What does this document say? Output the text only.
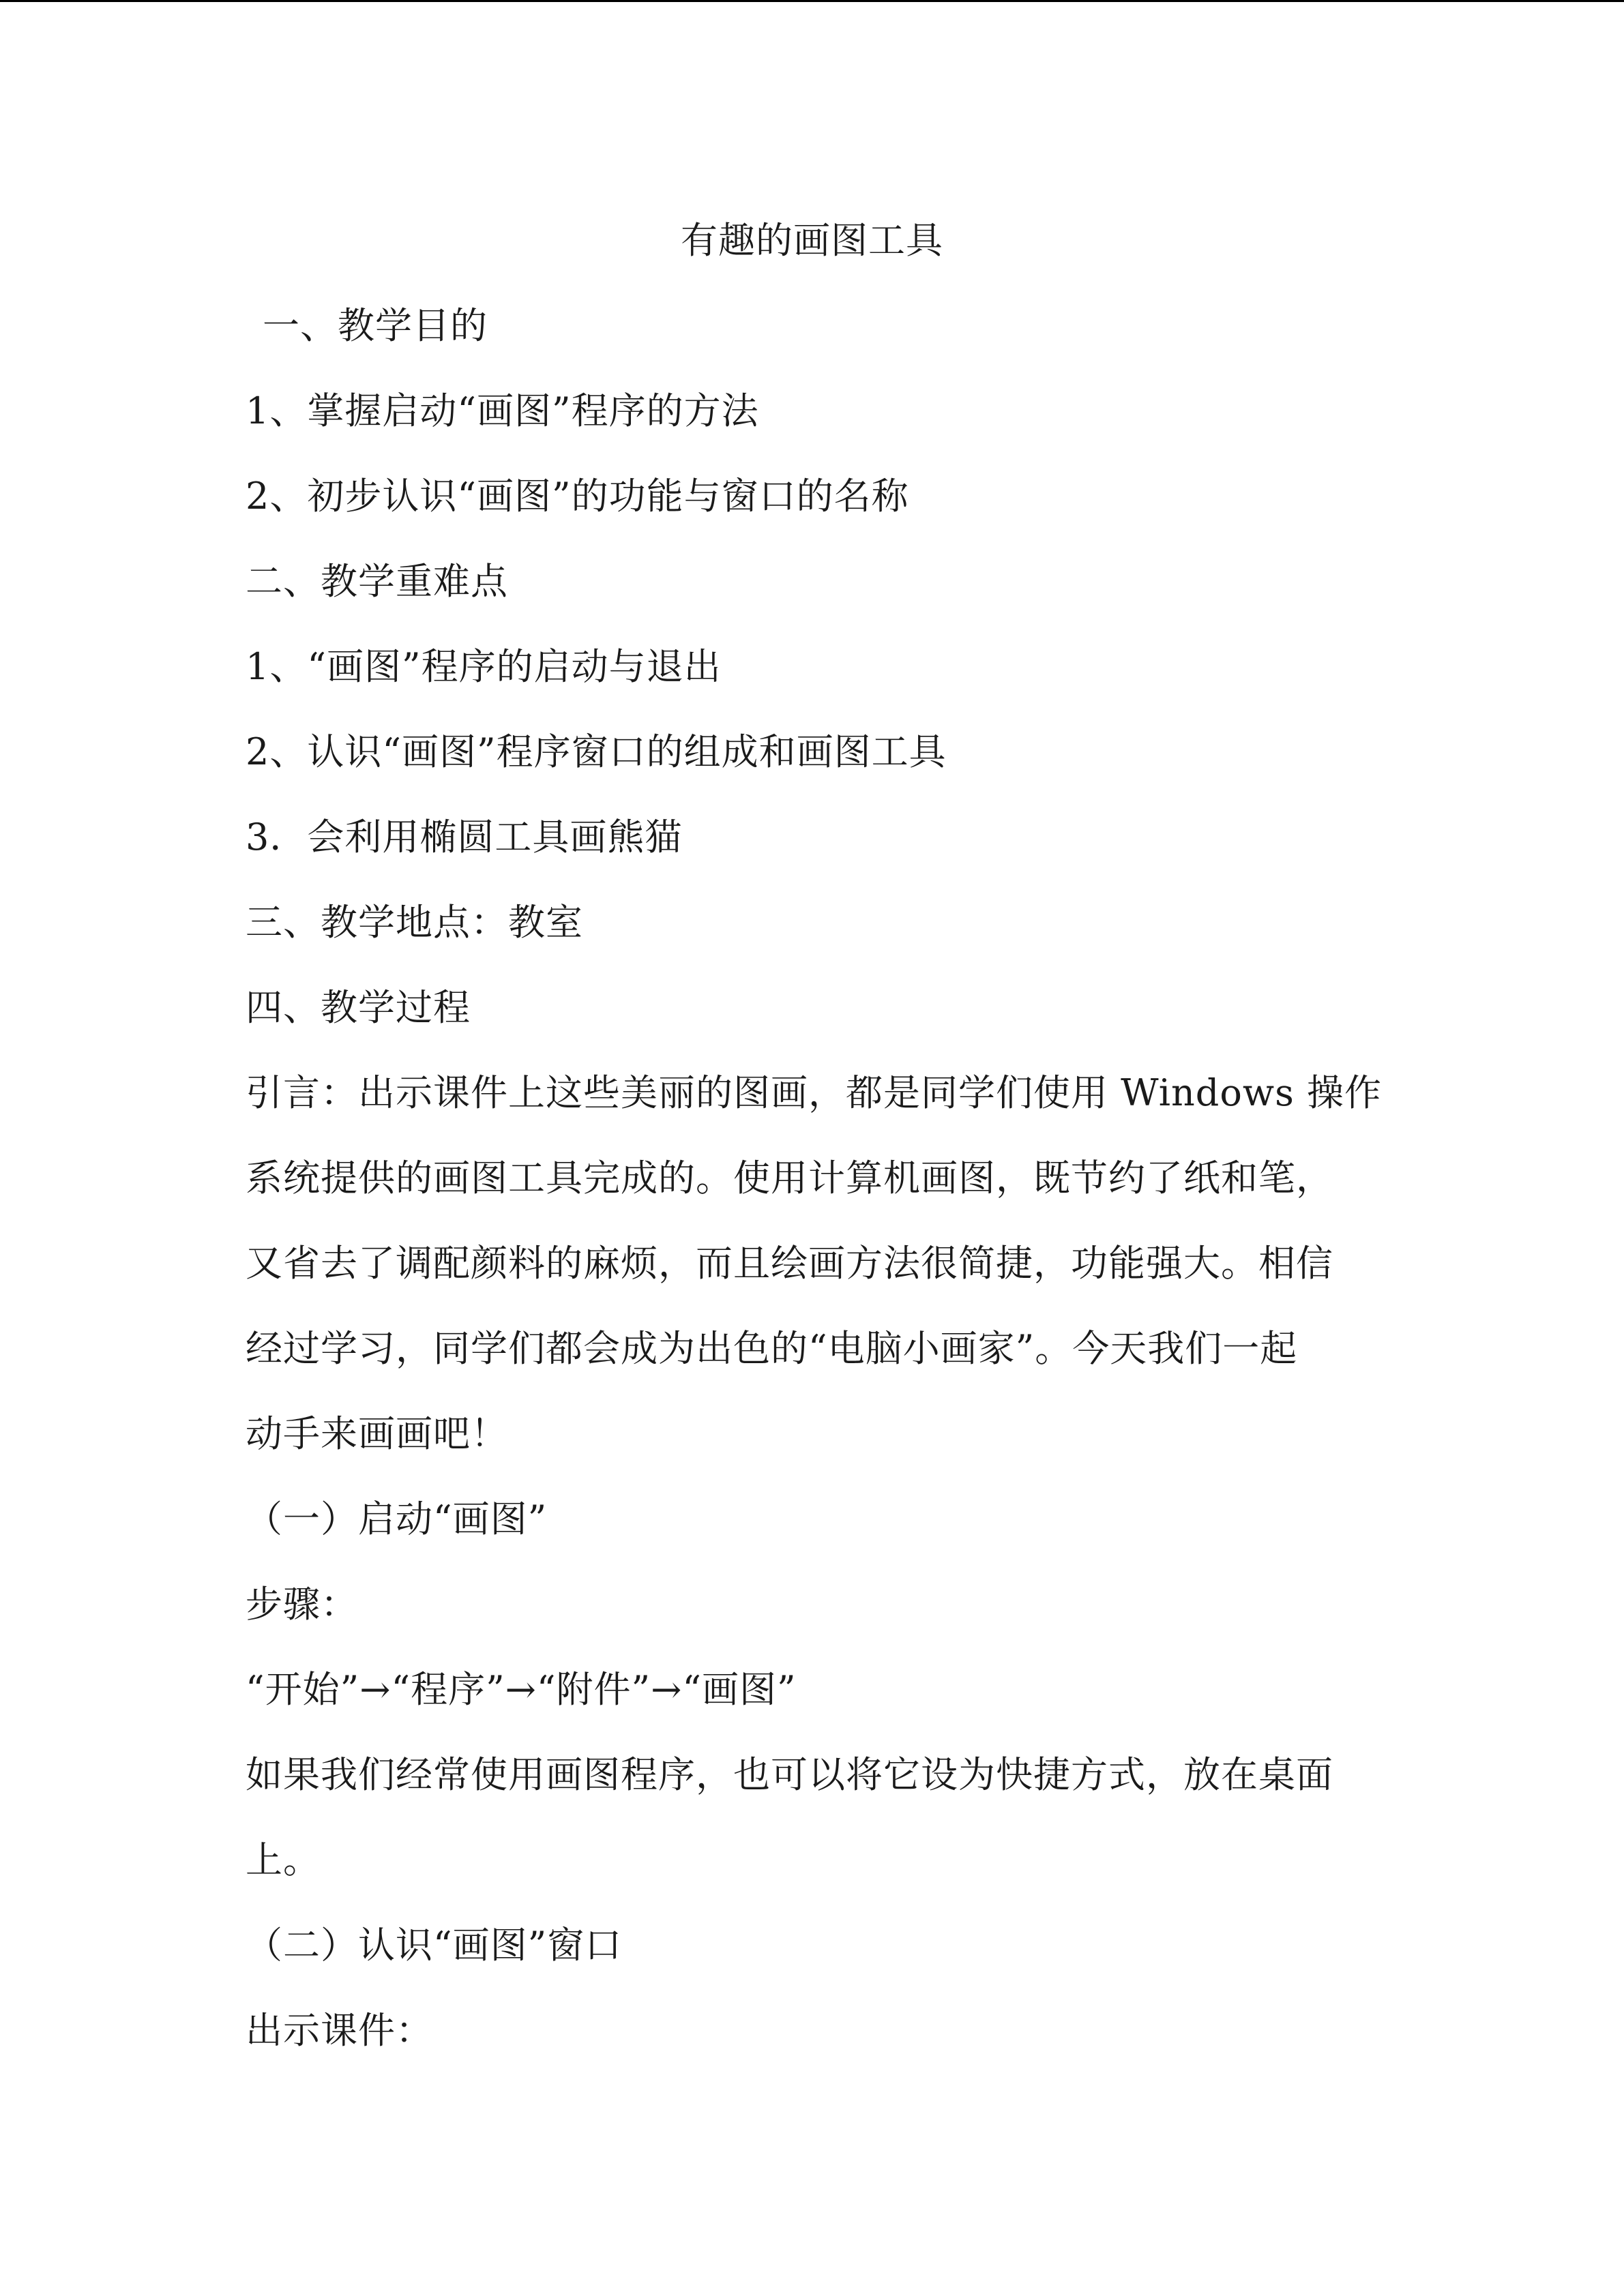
有趣的画图工具
一、教学目的
1、掌握启动“画图”程序的方法
2、初步认识“画图”的功能与窗口的名称
二、教学重难点
1、“画图”程序的启动与退出
2、认识“画图”程序窗口的组成和画图工具
3．会利用椭圆工具画熊猫
三、教学地点：教室
四、教学过程
引言：出示课件上这些美丽的图画，都是同学们使用 Windows 操作
系统提供的画图工具完成的。使用计算机画图，既节约了纸和笔，
又省去了调配颜料的麻烦，而且绘画方法很简捷，功能强大。相信
经过学习，同学们都会成为出色的“电脑小画家”。今天我们一起
动手来画画吧！
（一）启动“画图”
步骤：
“开始”→“程序”→“附件”→“画图”
如果我们经常使用画图程序，也可以将它设为快捷方式，放在桌面
上。
（二）认识“画图”窗口
出示课件：
